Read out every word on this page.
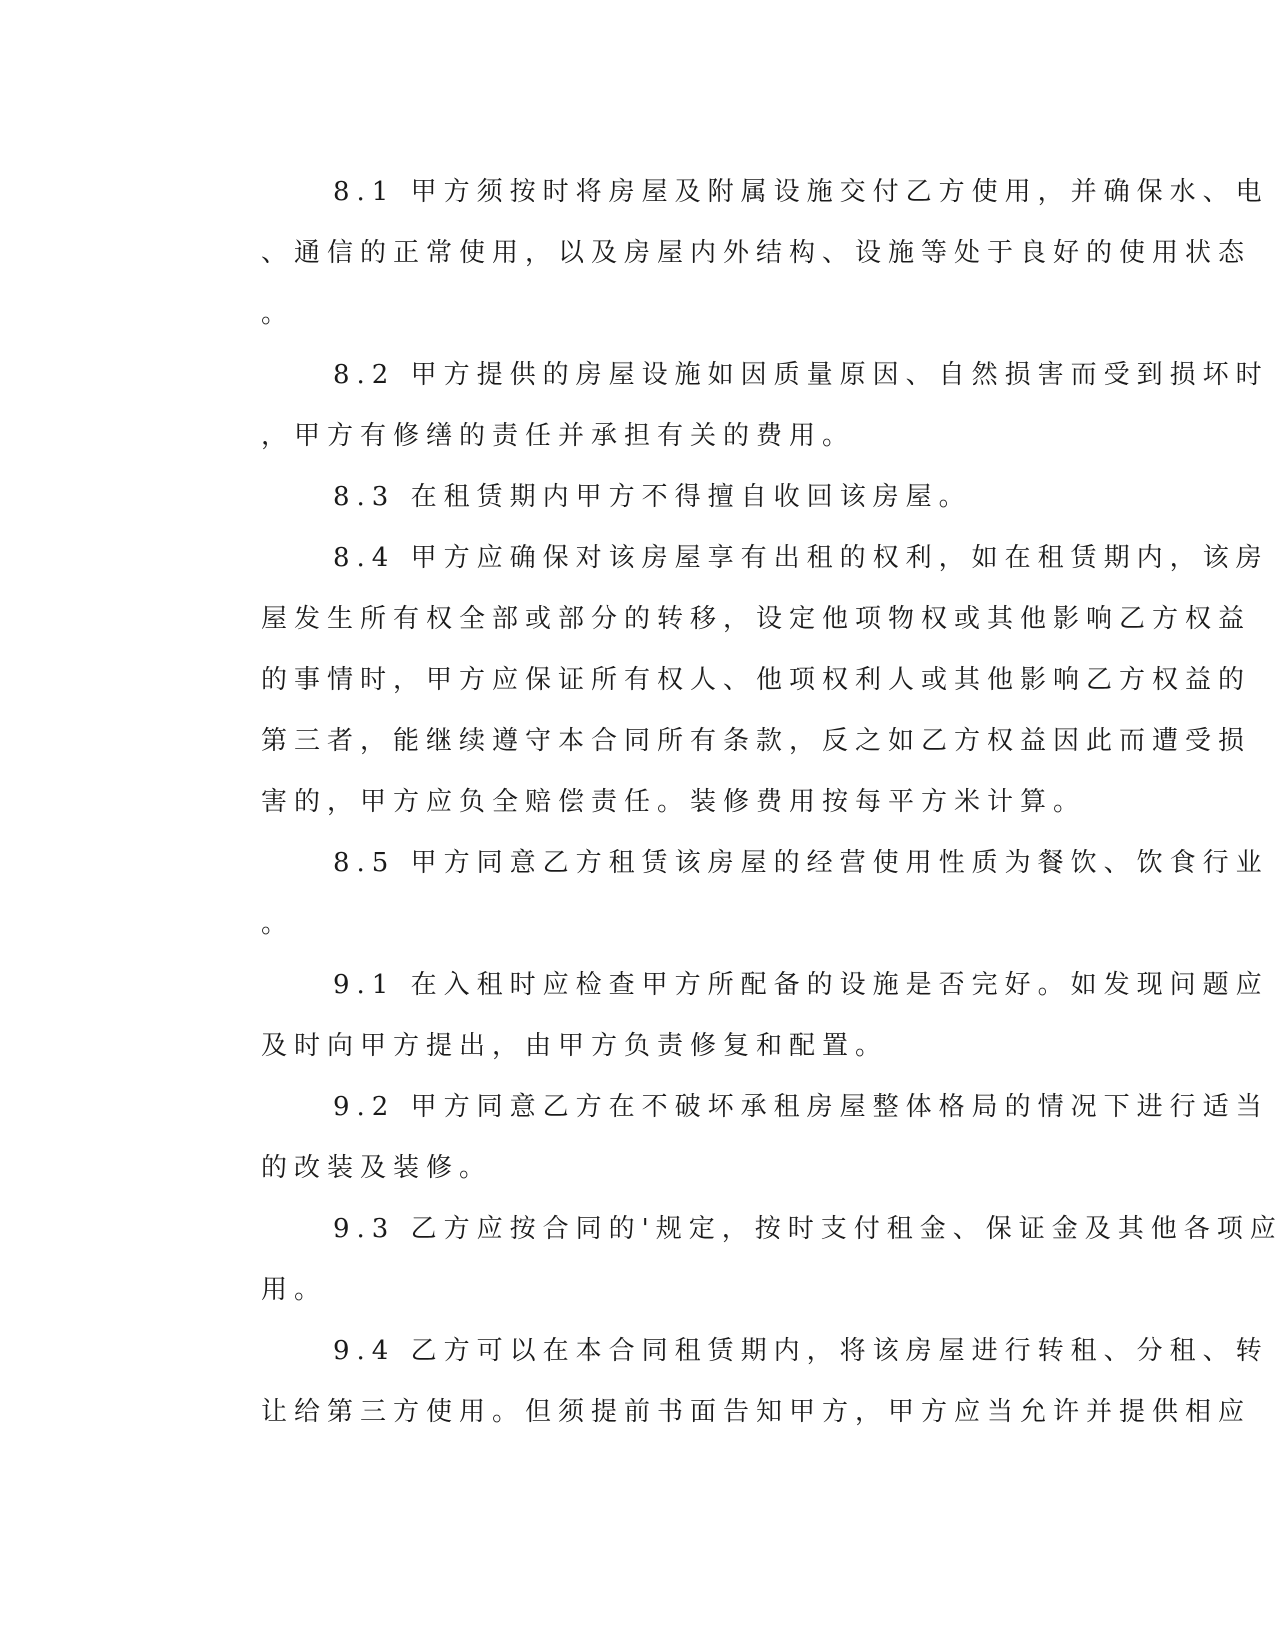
8.1 甲方须按时将房屋及附属设施交付乙方使用，并确保水、电
、通信的正常使用，以及房屋内外结构、设施等处于良好的使用状态
。
8.2 甲方提供的房屋设施如因质量原因、自然损害而受到损坏时
，甲方有修缮的责任并承担有关的费用。
8.3 在租赁期内甲方不得擅自收回该房屋。
8.4 甲方应确保对该房屋享有出租的权利，如在租赁期内，该房
屋发生所有权全部或部分的转移，设定他项物权或其他影响乙方权益
的事情时，甲方应保证所有权人、他项权利人或其他影响乙方权益的
第三者，能继续遵守本合同所有条款，反之如乙方权益因此而遭受损
害的，甲方应负全赔偿责任。装修费用按每平方米计算。
8.5 甲方同意乙方租赁该房屋的经营使用性质为餐饮、饮食行业
。
9.1 在入租时应检查甲方所配备的设施是否完好。如发现问题应
及时向甲方提出，由甲方负责修复和配置。
9.2 甲方同意乙方在不破坏承租房屋整体格局的情况下进行适当
的改装及装修。
9.3 乙方应按合同的'规定，按时支付租金、保证金及其他各项应
用。
9.4 乙方可以在本合同租赁期内，将该房屋进行转租、分租、转
让给第三方使用。但须提前书面告知甲方，甲方应当允许并提供相应
